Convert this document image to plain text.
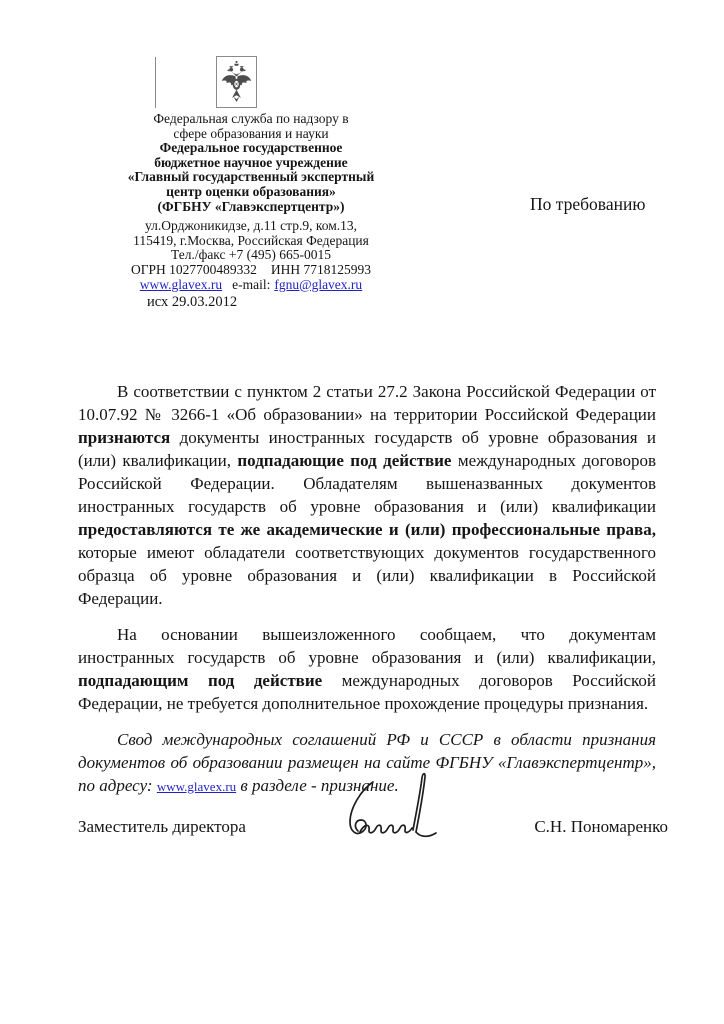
Федеральная служба по надзору в
сфере образования и науки
Федеральное государственное
бюджетное научное учреждение
«Главный государственный экспертный
центр оценки образования»
(ФГБНУ «Главэкспертцентр»)
ул.Орджоникидзе, д.11 стр.9, ком.13,
115419, г.Москва, Российская Федерация
Тел./факс +7 (495) 665-0015
ОГРН 1027700489332 ИНН 7718125993
www.glavex.ru e-mail: fgnu@glavex.ru
По требованию
исх 29.03.2012

В соответствии с пунктом 2 статьи 27.2 Закона Российской Федерации от 10.07.92 № 3266-1 «Об образовании» на территории Российской Федерации признаются документы иностранных государств об уровне образования и (или) квалификации, подпадающие под действие международных договоров Российской Федерации. Обладателям вышеназванных документов иностранных государств об уровне образования и (или) квалификации предоставляются те же академические и (или) профессиональные права, которые имеют обладатели соответствующих документов государственного образца об уровне образования и (или) квалификации в Российской Федерации.

На основании вышеизложенного сообщаем, что документам иностранных государств об уровне образования и (или) квалификации, подпадающим под действие международных договоров Российской Федерации, не требуется дополнительное прохождение процедуры признания.

Свод международных соглашений РФ и СССР в области признания документов об образовании размещен на сайте ФГБНУ «Главэкспертцентр», по адресу: www.glavex.ru в разделе - признание.

Заместитель директора	С.Н. Пономаренко
